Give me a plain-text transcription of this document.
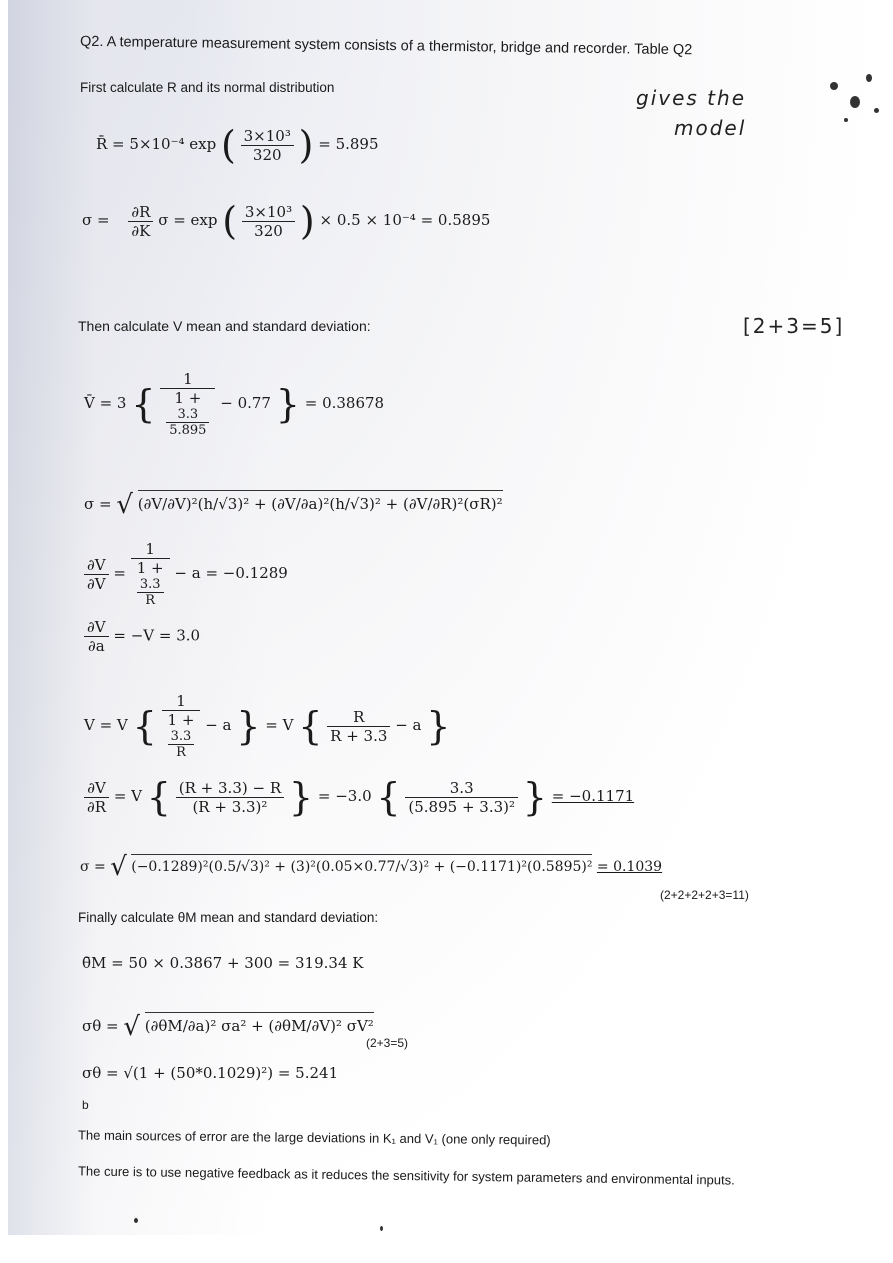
Q2. A temperature measurement system consists of a thermistor, bridge and recorder. Table Q2
First calculate R and its normal distribution	gives the
model
[2+3=5]
R̄ = 5×10⁻⁴ exp ( $\frac{\text{3×10³}}{320}$ ) = 5.895
$\sigma = \frac{\partial R}{\partial K}$ σ = exp ( $\frac{\text{3×10³}}{320}$ ) × 0.5 × 10⁻⁴ = 0.5895
Then calculate V mean and standard deviation:
V̄ = 3 { 1
1 +
3.3
5.895 − 0.77 } = 0.38678
σ = √ (∂V/∂V)²(h/√3)² + (∂V/∂a)²(h/√3)² + (∂V/∂R)²(σR)²
$\frac{\partial V}{\partial V} = 1$
1 +
3.3
R − a = −0.1289
$\frac{\partial V}{\partial a} = -V = 3.0$
V = V { 1
1 +
3.3
R − a } = V { $\frac{R}{R + 3.3} - a$ }
$\frac{\partial V}{\partial R} = V$ { $\frac{(R + 3.3) - R}{\text{(R + 3.3)²}}$ } = −3.0 { $\frac{3.3}{\text{(5.895 + 3.3)²}}$ } = −0.1171
σ = √ (−0.1289)²(0.5/√3)² + (3)²(0.05×0.77/√3)² + (−0.1171)²(0.5895)² = 0.1039
(2+2+2+2+3=11)
Finally calculate θM mean and standard deviation:
θ̄M = 50 × 0.3867 + 300 = 319.34 K
σθ = √ (∂θM/∂a)² σa² + (∂θM/∂V)² σV²
(2+3=5)
σθ = √(1 + (50*0.1029)²) = 5.241
b
The main sources of error are the large deviations in K₁ and V₁ (one only required)
The cure is to use negative feedback as it reduces the sensitivity for system parameters and environmental inputs.
